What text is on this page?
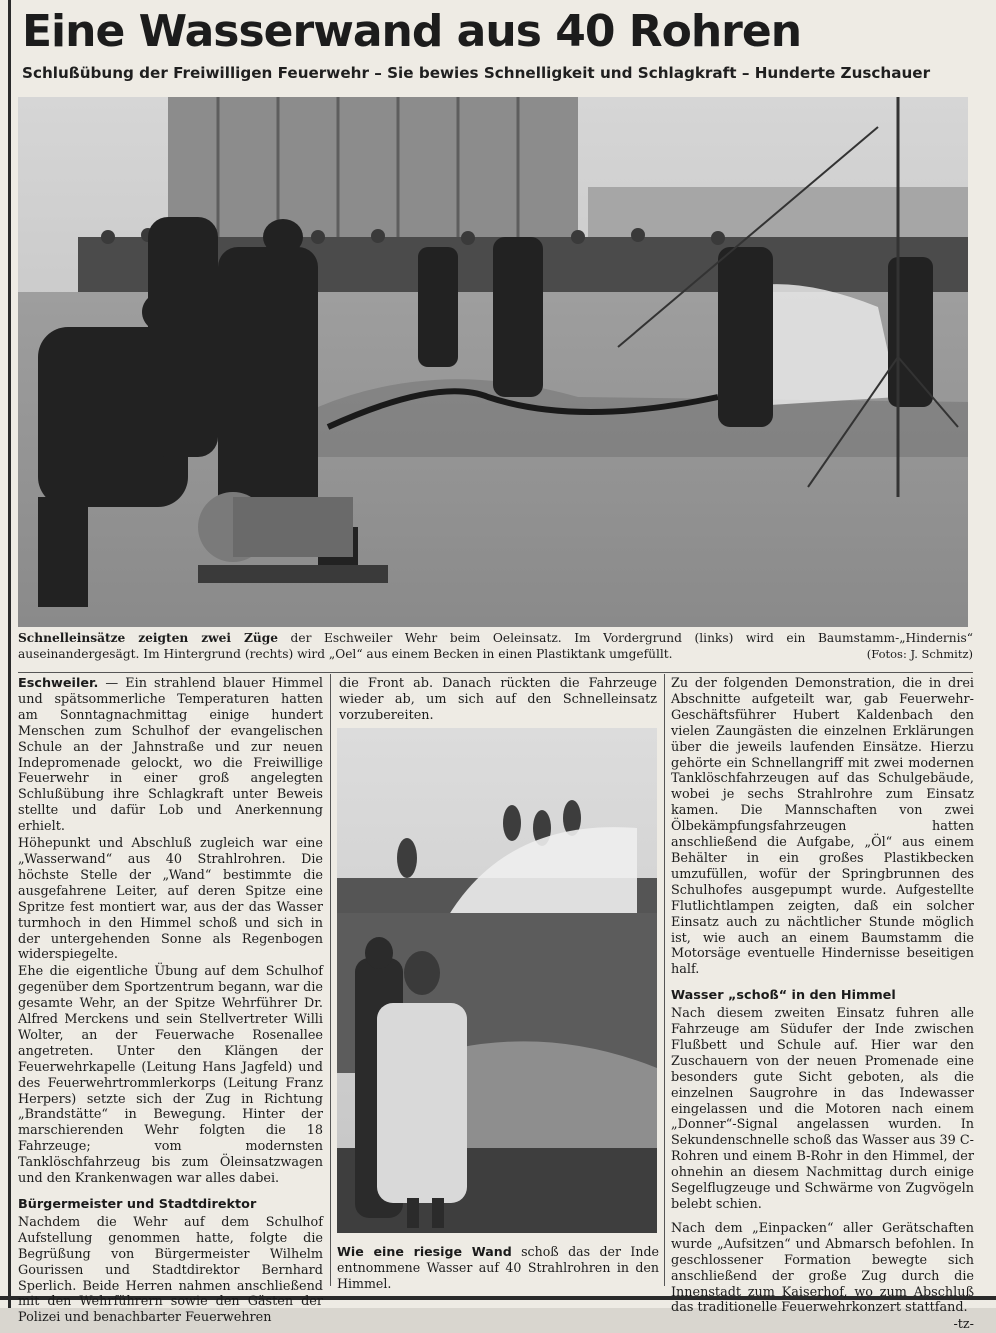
Eine Wasserwand aus 40 Rohren
Schlußübung der Freiwilligen Feuerwehr – Sie bewies Schnelligkeit und Schlagkraft – Hunderte Zuschauer
Schnelleinsätze zeigten zwei Züge der Eschweiler Wehr beim Oeleinsatz. Im Vordergrund (links) wird ein Baumstamm-„Hindernis“ auseinandergesägt. Im Hintergrund (rechts) wird „Oel“ aus einem Becken in einen Plastiktank umgefüllt.	(Fotos: J. Schmitz)

Eschweiler. — Ein strahlend blauer Himmel und spätsommerliche Temperaturen hatten am Sonntagnachmittag einige hundert Menschen zum Schulhof der evangelischen Schule an der Jahnstraße und zur neuen Indepromenade gelockt, wo die Freiwillige Feuerwehr in einer groß angelegten Schlußübung ihre Schlagkraft unter Beweis stellte und dafür Lob und Anerkennung erhielt.

Höhepunkt und Abschluß zugleich war eine „Wasserwand“ aus 40 Strahlrohren. Die höchste Stelle der „Wand“ bestimmte die ausgefahrene Leiter, auf deren Spitze eine Spritze fest montiert war, aus der das Wasser turmhoch in den Himmel schoß und sich in der untergehenden Sonne als Regenbogen widerspiegelte.

Ehe die eigentliche Übung auf dem Schulhof gegenüber dem Sportzentrum begann, war die gesamte Wehr, an der Spitze Wehrführer Dr. Alfred Merckens und sein Stellvertreter Willi Wolter, an der Feuerwache Rosenallee angetreten. Unter den Klängen der Feuerwehrkapelle (Leitung Hans Jagfeld) und des Feuerwehrtrommlerkorps (Leitung Franz Herpers) setzte sich der Zug in Richtung „Brandstätte“ in Bewegung. Hinter der marschierenden Wehr folgten die 18 Fahrzeuge; vom modernsten Tanklöschfahrzeug bis zum Öleinsatzwagen und den Krankenwagen war alles dabei.

Bürgermeister und Stadtdirektor

Nachdem die Wehr auf dem Schulhof Aufstellung genommen hatte, folgte die Begrüßung von Bürgermeister Wilhelm Gourissen und Stadtdirektor Bernhard Sperlich. Beide Herren nahmen anschließend mit den Wehrführern sowie den Gästen der Polizei und benachbarter Feuerwehren

die Front ab. Danach rückten die Fahrzeuge wieder ab, um sich auf den Schnelleinsatz vorzubereiten.

Wie eine riesige Wand schoß das der Inde entnommene Wasser auf 40 Strahlrohren in den Himmel.

Zu der folgenden Demonstration, die in drei Abschnitte aufgeteilt war, gab Feuerwehr-Geschäftsführer Hubert Kaldenbach den vielen Zaungästen die einzelnen Erklärungen über die jeweils laufenden Einsätze. Hierzu gehörte ein Schnellangriff mit zwei modernen Tanklöschfahrzeugen auf das Schulgebäude, wobei je sechs Strahlrohre zum Einsatz kamen. Die Mannschaften von zwei Ölbekämpfungsfahrzeugen hatten anschließend die Aufgabe, „Öl“ aus einem Behälter in ein großes Plastikbecken umzufüllen, wofür der Springbrunnen des Schulhofes ausgepumpt wurde. Aufgestellte Flutlichtlampen zeigten, daß ein solcher Einsatz auch zu nächtlicher Stunde möglich ist, wie auch an einem Baumstamm die Motorsäge eventuelle Hindernisse beseitigen half.

Wasser „schoß“ in den Himmel

Nach diesem zweiten Einsatz fuhren alle Fahrzeuge am Südufer der Inde zwischen Flußbett und Schule auf. Hier war den Zuschauern von der neuen Promenade eine besonders gute Sicht geboten, als die einzelnen Saugrohre in das Indewasser eingelassen und die Motoren nach einem „Donner“-Signal angelassen wurden. In Sekundenschnelle schoß das Wasser aus 39 C-Rohren und einem B-Rohr in den Himmel, der ohnehin an diesem Nachmittag durch einige Segelflugzeuge und Schwärme von Zugvögeln belebt schien.

Nach dem „Einpacken“ aller Gerätschaften wurde „Aufsitzen“ und Abmarsch befohlen. In geschlossener Formation bewegte sich anschließend der große Zug durch die Innenstadt zum Kaiserhof, wo zum Abschluß das traditionelle Feuerwehrkonzert stattfand.

-tz-
